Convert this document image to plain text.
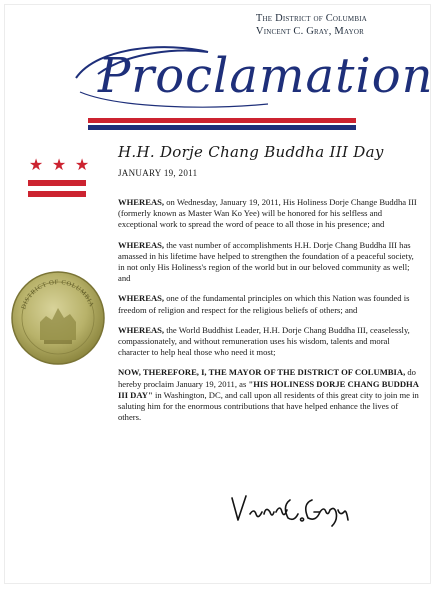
The District of Columbia
Vincent C. Gray, Mayor
Proclamation
H.H. Dorje Chang Buddha III Day
★ ★ ★	JANUARY 19, 2011

WHEREAS, on Wednesday, January 19, 2011, His Holiness Dorje Change Buddha III (formerly known as Master Wan Ko Yee) will be honored for his selfless and exceptional work to spread the word of peace to all those in his presence; and

WHEREAS, the vast number of accomplishments H.H. Dorje Chang Buddha III has amassed in his lifetime have helped to strengthen the foundation of a peaceful society, in not only His Holiness's region of the world but in our beloved community as well; and

WHEREAS, one of the fundamental principles on which this Nation was founded is freedom of religion and respect for the religious beliefs of others; and

WHEREAS, the World Buddhist Leader, H.H. Dorje Chang Buddha III, ceaselessly, compassionately, and without remuneration uses his wisdom, talents and moral character to help heal those who need it most;

NOW, THEREFORE, I, THE MAYOR OF THE DISTRICT OF COLUMBIA, do hereby proclaim January 19, 2011, as "HIS HOLINESS DORJE CHANG BUDDHA III DAY" in Washington, DC, and call upon all residents of this great city to join me in saluting him for the enormous contributions that have helped enhance the lives of others.

DISTRICT OF COLUMBIA
